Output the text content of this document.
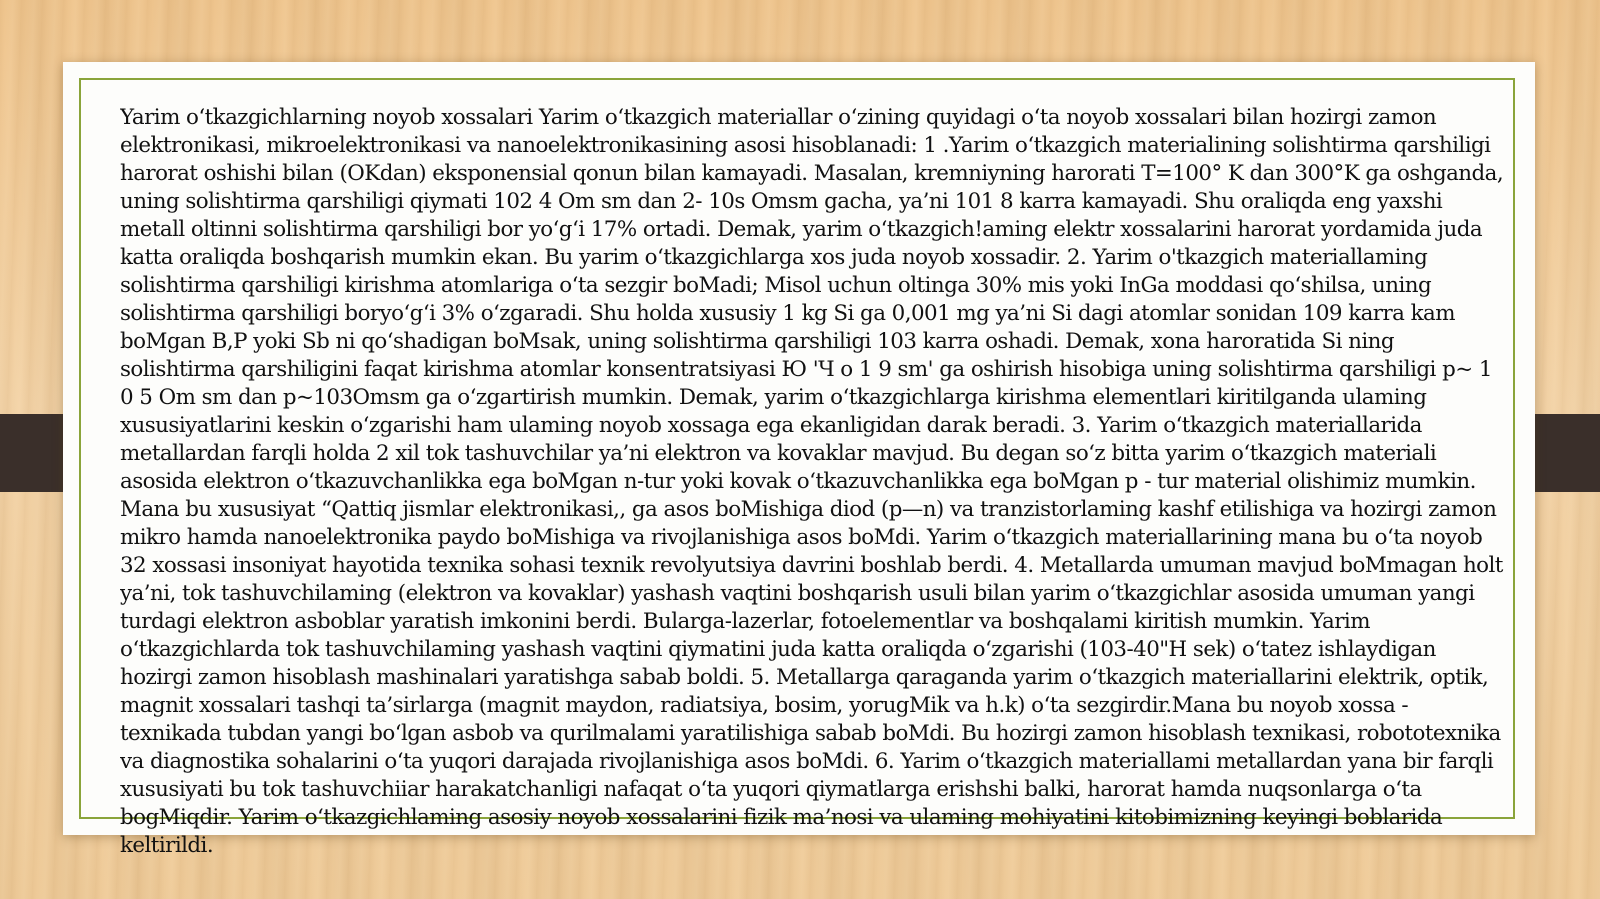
Yarim o‘tkazgichlarning noyob xossalari Yarim o‘tkazgich materiallar o‘zining quyidagi o‘ta noyob xossalari bilan hozirgi zamon elektronikasi, mikroelektronikasi va nanoelektronikasining asosi hisoblanadi: 1 .Yarim o‘tkazgich materialining solishtirma qarshiligi harorat oshishi bilan (OKdan) eksponensial qonun bilan kamayadi. Masalan, kremniyning harorati T=100° K dan 300°K ga oshganda, uning solishtirma qarshiligi qiymati 102 4 Om sm dan 2- 10s Omsm gacha, ya’ni 101 8 karra kamayadi. Shu oraliqda eng yaxshi metall oltinni solishtirma qarshiligi bor yo‘g‘i 17% ortadi. Demak, yarim o‘tkazgich!aming elektr xossalarini harorat yordamida juda katta oraliqda boshqarish mumkin ekan. Bu yarim o‘tkazgichlarga xos juda noyob xossadir. 2. Yarim o'tkazgich materiallaming solishtirma qarshiligi kirishma atomlariga o‘ta sezgir boMadi; Misol uchun oltinga 30% mis yoki InGa moddasi qo‘shilsa, uning solishtirma qarshiligi boryo‘g‘i 3% o‘zgaradi. Shu holda xususiy 1 kg Si ga 0,001 mg ya’ni Si dagi atomlar sonidan 109 karra kam boMgan B,P yoki Sb ni qo‘shadigan boMsak, uning solishtirma qarshiligi 103 karra oshadi. Demak, xona haroratida Si ning solishtirma qarshiligini faqat kirishma atomlar konsentratsiyasi Ю 'Ч o 1 9 sm' ga oshirish hisobiga uning solishtirma qarshiligi p~ 1 0 5 Om sm dan p~103Omsm ga o‘zgartirish mumkin. Demak, yarim o‘tkazgichlarga kirishma elementlari kiritilganda ulaming xususiyatlarini keskin o‘zgarishi ham ulaming noyob xossaga ega ekanligidan darak beradi. 3. Yarim o‘tkazgich materiallarida metallardan farqli holda 2 xil tok tashuvchilar ya’ni elektron va kovaklar mavjud. Bu degan so‘z bitta yarim o‘tkazgich materiali asosida elektron o‘tkazuvchanlikka ega boMgan n-tur yoki kovak o‘tkazuvchanlikka ega boMgan p - tur material olishimiz mumkin. Mana bu xususiyat “Qattiq jismlar elektronikasi,, ga asos boMishiga diod (p—n) va tranzistorlaming kashf etilishiga va hozirgi zamon mikro hamda nanoelektronika paydo boMishiga va rivojlanishiga asos boMdi. Yarim o‘tkazgich materiallarining mana bu o‘ta noyob 32 xossasi insoniyat hayotida texnika sohasi texnik revolyutsiya davrini boshlab berdi. 4. Metallarda umuman mavjud boMmagan holt ya’ni, tok tashuvchilaming (elektron va kovaklar) yashash vaqtini boshqarish usuli bilan yarim o‘tkazgichlar asosida umuman yangi turdagi elektron asboblar yaratish imkonini berdi. Bularga-lazerlar, fotoelementlar va boshqalami kiritish mumkin. Yarim o‘tkazgichlarda tok tashuvchilaming yashash vaqtini qiymatini juda katta oraliqda o‘zgarishi (103-40"H sek) o‘tatez ishlaydigan hozirgi zamon hisoblash mashinalari yaratishga sabab boldi. 5. Metallarga qaraganda yarim o‘tkazgich materiallarini elektrik, optik, magnit xossalari tashqi ta’sirlarga (magnit maydon, radiatsiya, bosim, yorugMik va h.k) o‘ta sezgirdir.Mana bu noyob xossa - texnikada tubdan yangi bo‘lgan asbob va qurilmalami yaratilishiga sabab boMdi. Bu hozirgi zamon hisoblash texnikasi, robototexnika va diagnostika sohalarini o‘ta yuqori darajada rivojlanishiga asos boMdi. 6. Yarim o‘tkazgich materiallami metallardan yana bir farqli xususiyati bu tok tashuvchiiar harakatchanligi nafaqat o‘ta yuqori qiymatlarga erishshi balki, harorat hamda nuqsonlarga o‘ta bogMiqdir. Yarim o‘tkazgichlaming asosiy noyob xossalarini fizik ma’nosi va ulaming mohiyatini kitobimizning keyingi boblarida keltirildi.
